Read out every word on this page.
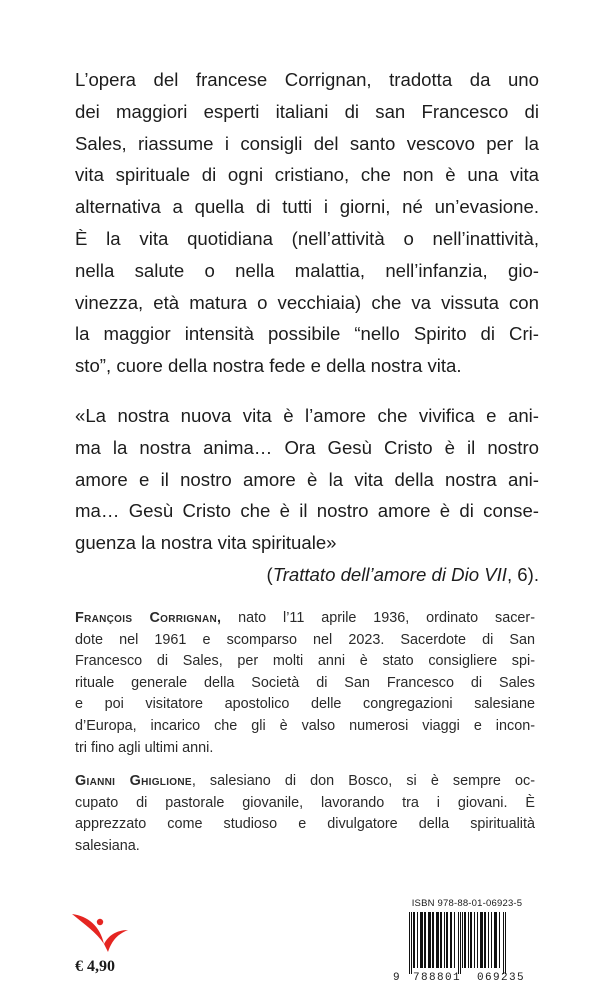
L’opera del francese Corrignan, tradotta da uno
dei maggiori esperti italiani di san Francesco di
Sales, riassume i consigli del santo vescovo per la
vita spirituale di ogni cristiano, che non è una vita
alternativa a quella di tutti i giorni, né un’evasione.
È la vita quotidiana (nell’attività o nell’inattività,
nella salute o nella malattia, nell’infanzia, gio-
vinezza, età matura o vecchiaia) che va vissuta con
la maggior intensità possibile “nello Spirito di Cri-
sto”, cuore della nostra fede e della nostra vita.

«La nostra nuova vita è l’amore che vivifica e ani-
ma la nostra anima… Ora Gesù Cristo è il nostro
amore e il nostro amore è la vita della nostra ani-
ma… Gesù Cristo che è il nostro amore è di conse-
guenza la nostra vita spirituale»
(Trattato dell’amore di Dio VII, 6).

François Corrignan, nato l’11 aprile 1936, ordinato sacer-
dote nel 1961 e scomparso nel 2023. Sacerdote di San
Francesco di Sales, per molti anni è stato consigliere spi-
rituale generale della Società di San Francesco di Sales
e poi visitatore apostolico delle congregazioni salesiane
d’Europa, incarico che gli è valso numerosi viaggi e incon-
tri fino agli ultimi anni.

Gianni Ghiglione, salesiano di don Bosco, si è sempre oc-
cupato di pastorale giovanile, lavorando tra i giovani. È
apprezzato come studioso e divulgatore della spiritualità
salesiana.

€ 4,90
ISBN 978-88-01-06923-5
9 788801 069235
